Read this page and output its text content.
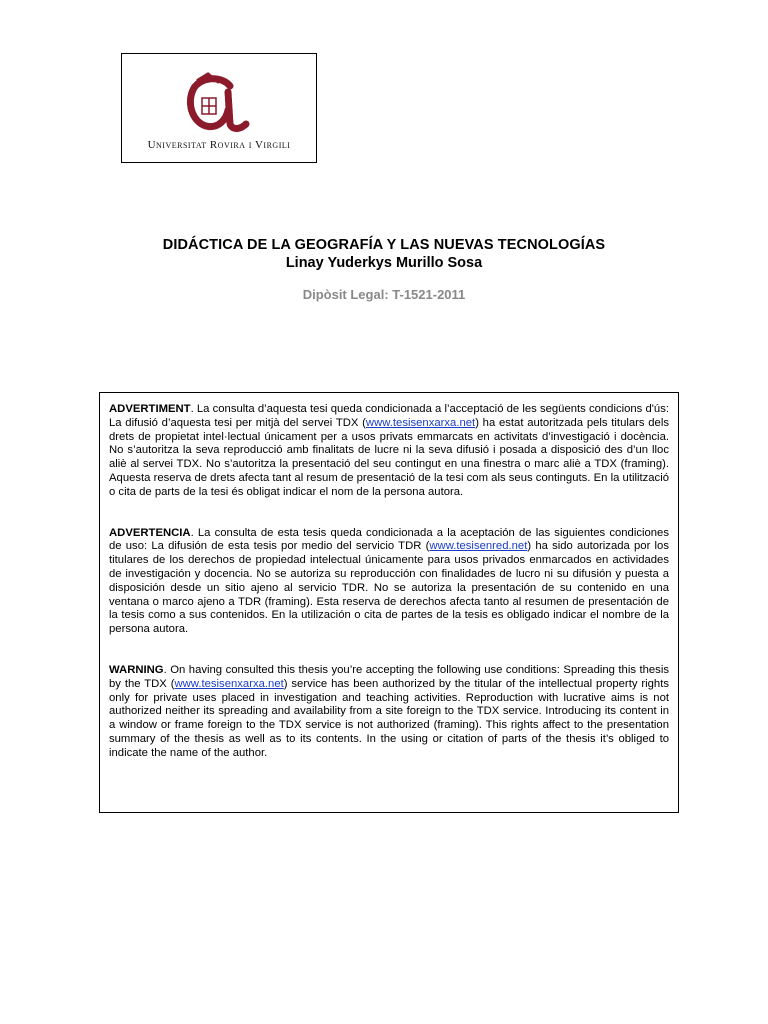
Universitat Rovira i Virgili
DIDÁCTICA DE LA GEOGRAFÍA Y LAS NUEVAS TECNOLOGÍAS
Linay Yuderkys Murillo Sosa
Dipòsit Legal: T-1521-2011

ADVERTIMENT. La consulta d’aquesta tesi queda condicionada a l’acceptació de les següents condicions d'ús: La difusió d’aquesta tesi per mitjà del servei TDX (www.tesisenxarxa.net) ha estat autoritzada pels titulars dels drets de propietat intel·lectual únicament per a usos privats emmarcats en activitats d’investigació i docència. No s’autoritza la seva reproducció amb finalitats de lucre ni la seva difusió i posada a disposició des d’un lloc aliè al servei TDX. No s’autoritza la presentació del seu contingut en una finestra o marc aliè a TDX (framing). Aquesta reserva de drets afecta tant al resum de presentació de la tesi com als seus continguts. En la utilització o cita de parts de la tesi és obligat indicar el nom de la persona autora.

ADVERTENCIA. La consulta de esta tesis queda condicionada a la aceptación de las siguientes condiciones de uso: La difusión de esta tesis por medio del servicio TDR (www.tesisenred.net) ha sido autorizada por los titulares de los derechos de propiedad intelectual únicamente para usos privados enmarcados en actividades de investigación y docencia. No se autoriza su reproducción con finalidades de lucro ni su difusión y puesta a disposición desde un sitio ajeno al servicio TDR. No se autoriza la presentación de su contenido en una ventana o marco ajeno a TDR (framing). Esta reserva de derechos afecta tanto al resumen de presentación de la tesis como a sus contenidos. En la utilización o cita de partes de la tesis es obligado indicar el nombre de la persona autora.

WARNING. On having consulted this thesis you’re accepting the following use conditions: Spreading this thesis by the TDX (www.tesisenxarxa.net) service has been authorized by the titular of the intellectual property rights only for private uses placed in investigation and teaching activities. Reproduction with lucrative aims is not authorized neither its spreading and availability from a site foreign to the TDX service. Introducing its content in a window or frame foreign to the TDX service is not authorized (framing). This rights affect to the presentation summary of the thesis as well as to its contents. In the using or citation of parts of the thesis it’s obliged to indicate the name of the author.
